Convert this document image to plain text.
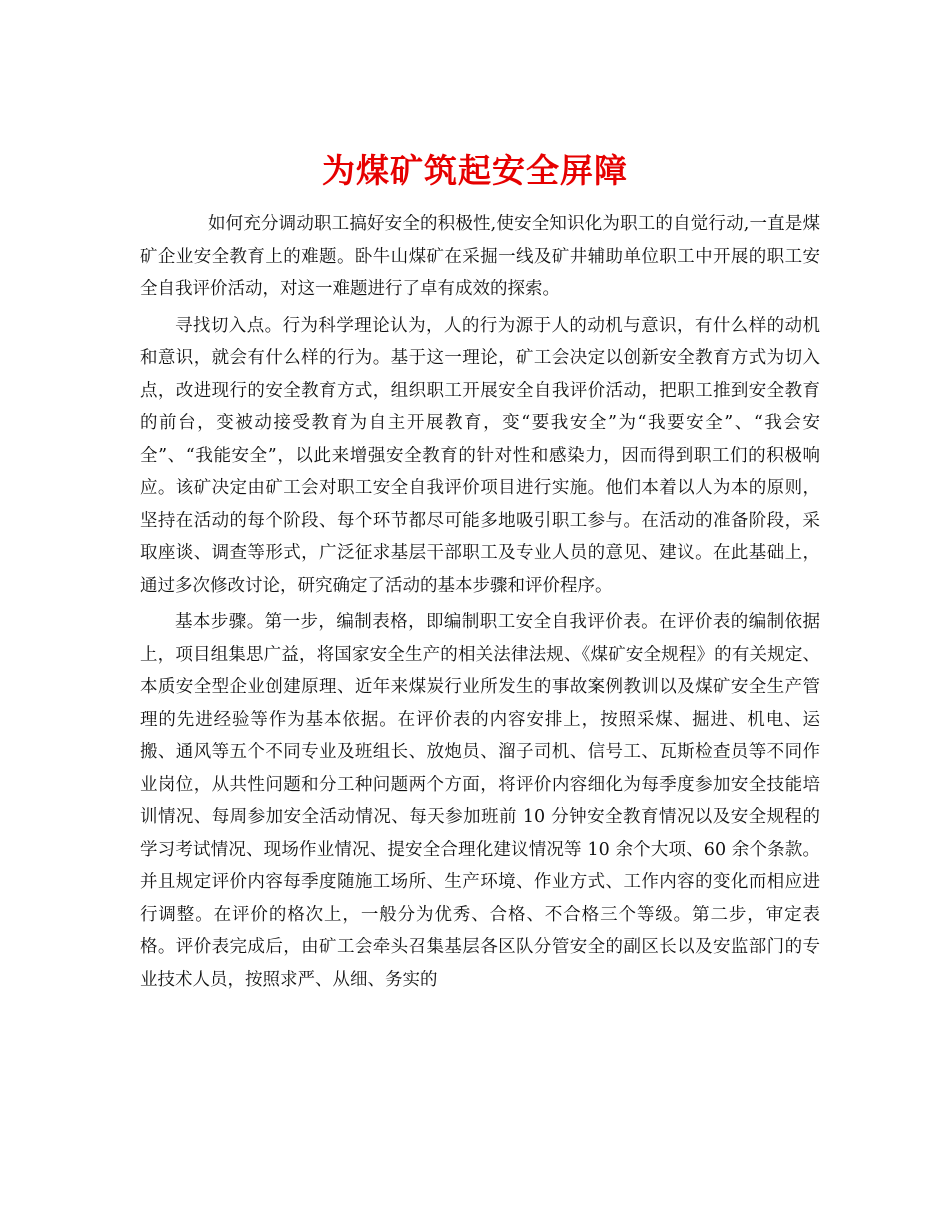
为煤矿筑起安全屏障

如何充分调动职工搞好安全的积极性,使安全知识化为职工的自觉行动,一直是煤矿企业安全教育上的难题。卧牛山煤矿在采掘一线及矿井辅助单位职工中开展的职工安全自我评价活动，对这一难题进行了卓有成效的探索。

寻找切入点。行为科学理论认为，人的行为源于人的动机与意识，有什么样的动机和意识，就会有什么样的行为。基于这一理论，矿工会决定以创新安全教育方式为切入点，改进现行的安全教育方式，组织职工开展安全自我评价活动，把职工推到安全教育的前台，变被动接受教育为自主开展教育，变“要我安全”为“我要安全”、“我会安全”、“我能安全”，以此来增强安全教育的针对性和感染力，因而得到职工们的积极响应。该矿决定由矿工会对职工安全自我评价项目进行实施。他们本着以人为本的原则，坚持在活动的每个阶段、每个环节都尽可能多地吸引职工参与。在活动的准备阶段，采取座谈、调查等形式，广泛征求基层干部职工及专业人员的意见、建议。在此基础上，通过多次修改讨论，研究确定了活动的基本步骤和评价程序。

基本步骤。第一步，编制表格，即编制职工安全自我评价表。在评价表的编制依据上，项目组集思广益，将国家安全生产的相关法律法规、《煤矿安全规程》的有关规定、本质安全型企业创建原理、近年来煤炭行业所发生的事故案例教训以及煤矿安全生产管理的先进经验等作为基本依据。在评价表的内容安排上，按照采煤、掘进、机电、运搬、通风等五个不同专业及班组长、放炮员、溜子司机、信号工、瓦斯检查员等不同作业岗位，从共性问题和分工种问题两个方面，将评价内容细化为每季度参加安全技能培训情况、每周参加安全活动情况、每天参加班前 10 分钟安全教育情况以及安全规程的学习考试情况、现场作业情况、提安全合理化建议情况等 10 余个大项、60 余个条款。并且规定评价内容每季度随施工场所、生产环境、作业方式、工作内容的变化而相应进行调整。在评价的格次上，一般分为优秀、合格、不合格三个等级。第二步，审定表格。评价表完成后，由矿工会牵头召集基层各区队分管安全的副区长以及安监部门的专业技术人员，按照求严、从细、务实的
